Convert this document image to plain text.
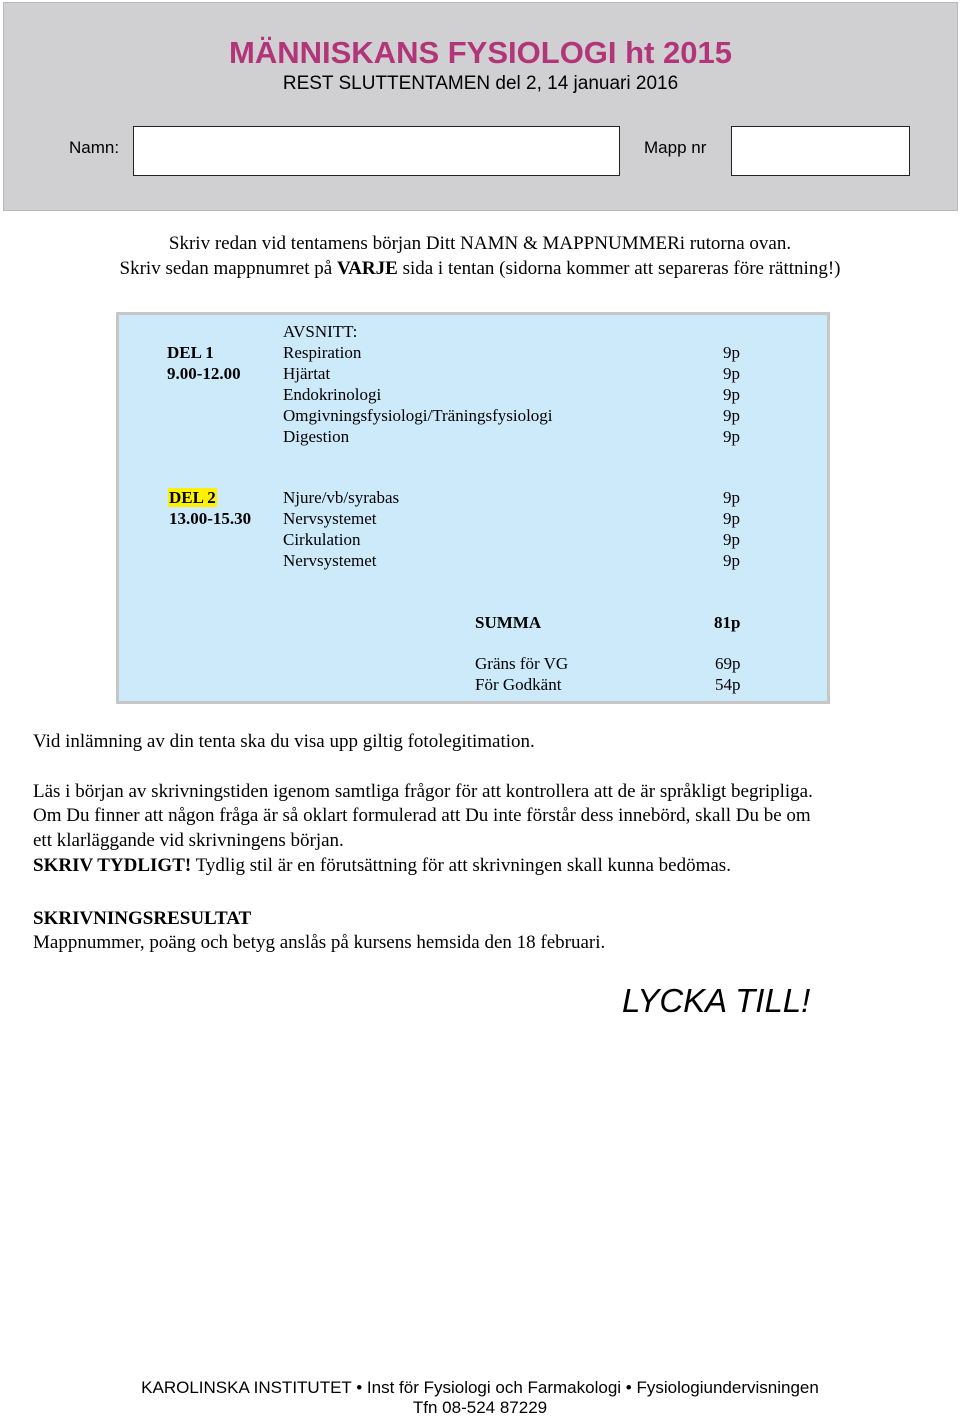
MÄNNISKANS FYSIOLOGI ht 2015
REST SLUTTENTAMEN del 2, 14 januari 2016
Namn:	Mapp nr
Skriv redan vid tentamens början Ditt NAMN & MAPPNUMMERi rutorna ovan.
Skriv sedan mappnumret på VARJE sida i tentan (sidorna kommer att separeras före rättning!)
AVSNITT:
DEL 1
9.00-12.00
Respiration	9p
Hjärtat	9p
Endokrinologi	9p
Omgivningsfysiologi/Träningsfysiologi	9p
Digestion	9p
DEL 2
13.00-15.30
Njure/vb/syrabas	9p
Nervsystemet	9p
Cirkulation	9p
Nervsystemet	9p
SUMMA	81p
Gräns för VG	69p
För Godkänt	54p
Vid inlämning av din tenta ska du visa upp giltig fotolegitimation.
Läs i början av skrivningstiden igenom samtliga frågor för att kontrollera att de är språkligt begripliga.
Om Du finner att någon fråga är så oklart formulerad att Du inte förstår dess innebörd, skall Du be om
ett klarläggande vid skrivningens början.
SKRIV TYDLIGT! Tydlig stil är en förutsättning för att skrivningen skall kunna bedömas.
SKRIVNINGSRESULTAT
Mappnummer, poäng och betyg anslås på kursens hemsida den 18 februari.
LYCKA TILL!
KAROLINSKA INSTITUTET • Inst för Fysiologi och Farmakologi • Fysiologiundervisningen
Tfn 08-524 87229
